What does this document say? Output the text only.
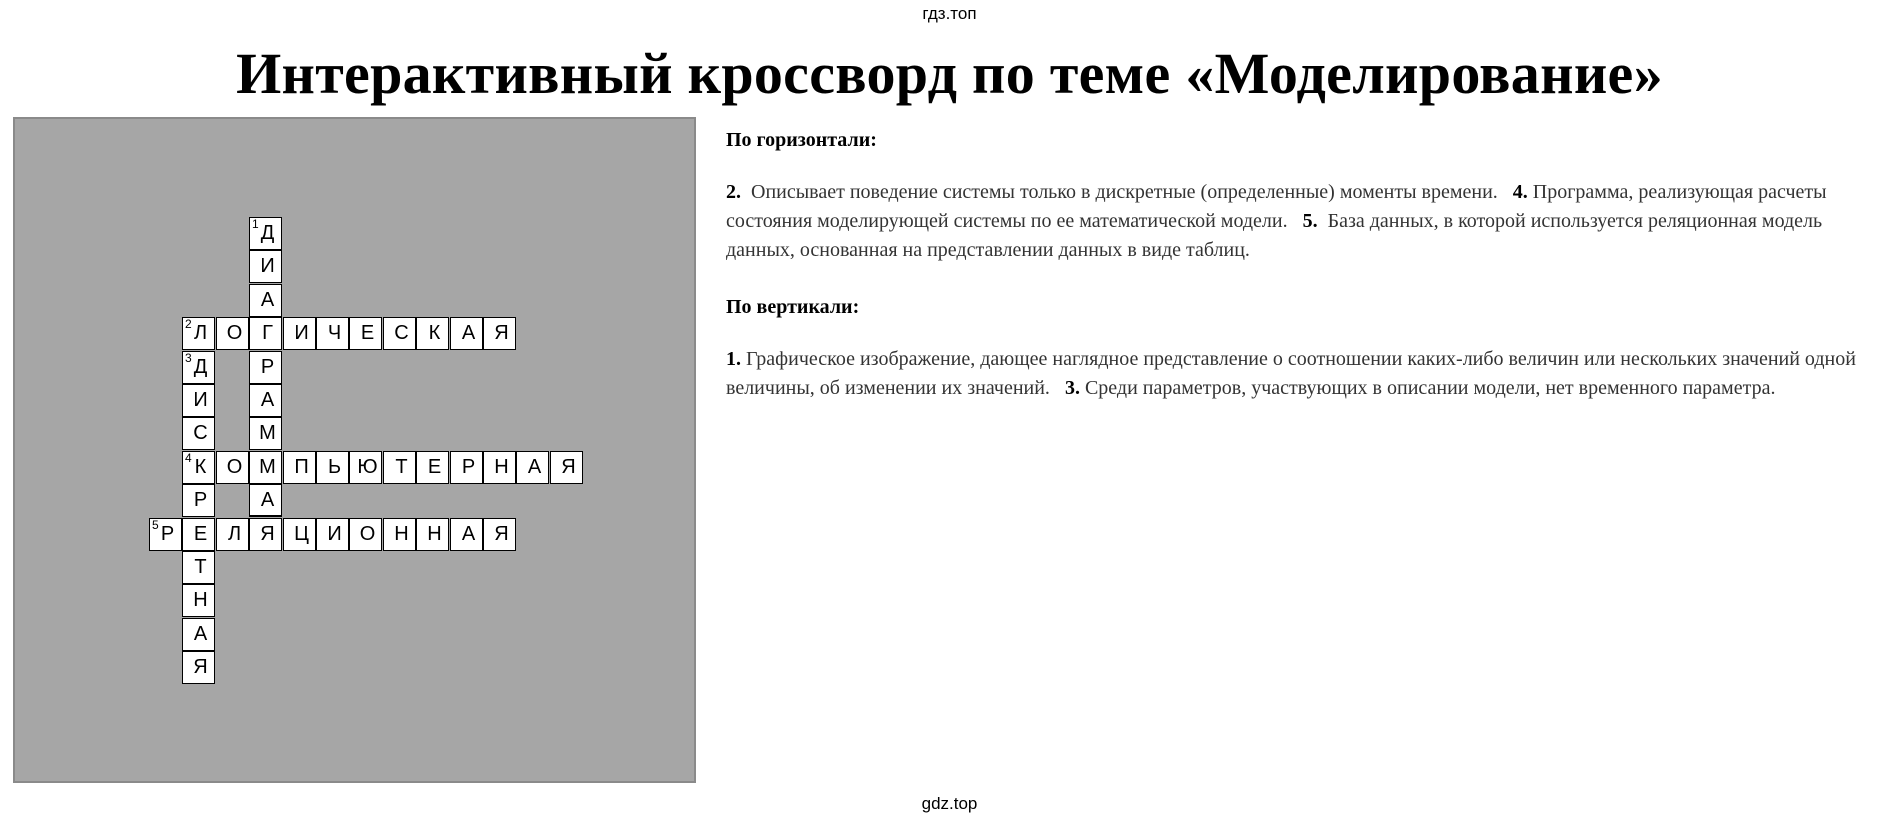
гдз.топ
Интерактивный кроссворд по теме «Моделирование»
1 Д
И
А
Г
Р
А
М
М
А
2 Л О	И Ч Е	С К	А Я
3 Д
И
С
4 К
Р
Е
Т
Н
А
Я
О	П Ь Ю Т	Е	Р Н А	Я
5 Р	Л Я Ц И О Н Н	А Я

По горизонтали:

2. Описывает поведение системы только в дискретные (определенные) моменты времени. 4. Программа, реализующая расчеты состояния моделирующей системы по ее математической модели. 5. База данных, в которой используется реляционная модель данных, основанная на представлении данных в виде таблиц.

По вертикали:

1. Графическое изображение, дающее наглядное представление о соотношении каких-либо величин или нескольких значений одной величины, об изменении их значений. 3. Среди параметров, участвующих в описании модели, нет временного параметра.

gdz.top
